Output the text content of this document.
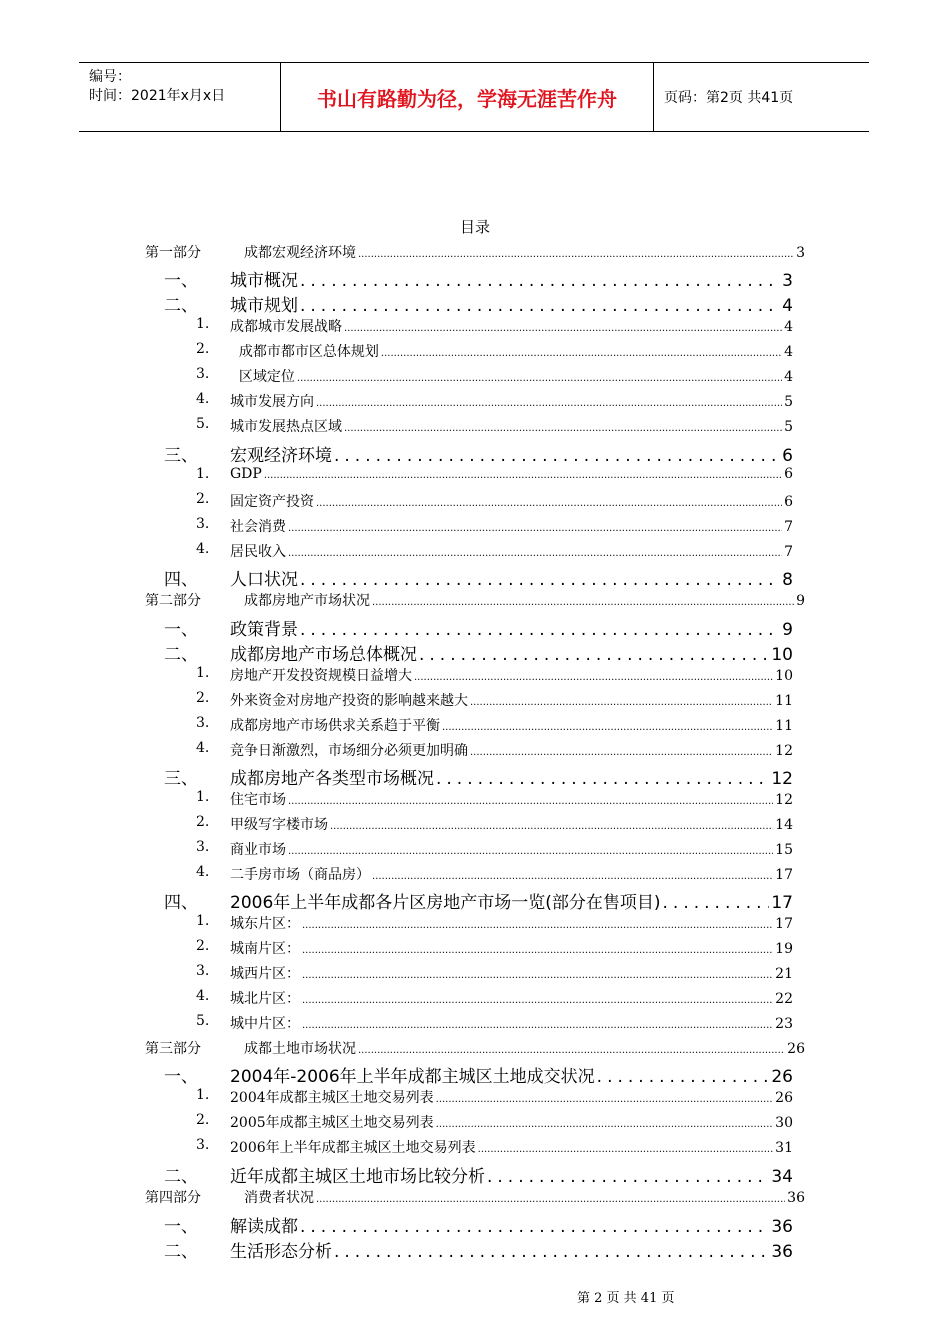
编号：
时间：2021年x月x日	书山有路勤为径，学海无涯苦作舟	页码：第2页 共41页
目录
第一部分	成都宏观经济环境 .....	3
一、 城市概况 .....	3
二、 城市规划 .....	4
1. 成都城市发展战略 .....	4
2. 成都市都市区总体规划 .....	4
3. 区域定位 .....	4
4. 城市发展方向 .....	5
5. 城市发展热点区域 .....	5
三、 宏观经济环境 .....	6
1. GDP .....	6
2. 固定资产投资 .....	6
3. 社会消费 .....	7
4. 居民收入 .....	7
四、 人口状况 .....	8
第二部分	成都房地产市场状况 .....	9
一、 政策背景 .....	9
二、 成都房地产市场总体概况 .....	10
1. 房地产开发投资规模日益增大 .....	10
2. 外来资金对房地产投资的影响越来越大 .....	11
3. 成都房地产市场供求关系趋于平衡 .....	11
4. 竞争日渐激烈，市场细分必须更加明确 .....	12
三、 成都房地产各类型市场概况 .....	12
1. 住宅市场 .....	12
2. 甲级写字楼市场 .....	14
3. 商业市场 .....	15
4. 二手房市场（商品房） .....	17
四、 2006年上半年成都各片区房地产市场一览(部分在售项目) .....	17
1. 城东片区： .....	17
2. 城南片区： .....	19
3. 城西片区： .....	21
4. 城北片区： .....	22
5. 城中片区： .....	23
第三部分	成都土地市场状况 .....	26
一、 2004年-2006年上半年成都主城区土地成交状况 .....	26
1. 2004年成都主城区土地交易列表 .....	26
2. 2005年成都主城区土地交易列表 .....	30
3. 2006年上半年成都主城区土地交易列表 .....	31
二、 近年成都主城区土地市场比较分析 .....	34
第四部分	消费者状况 .....	36
一、 解读成都 .....	36
二、 生活形态分析 .....	36
第 2 页 共 41 页
